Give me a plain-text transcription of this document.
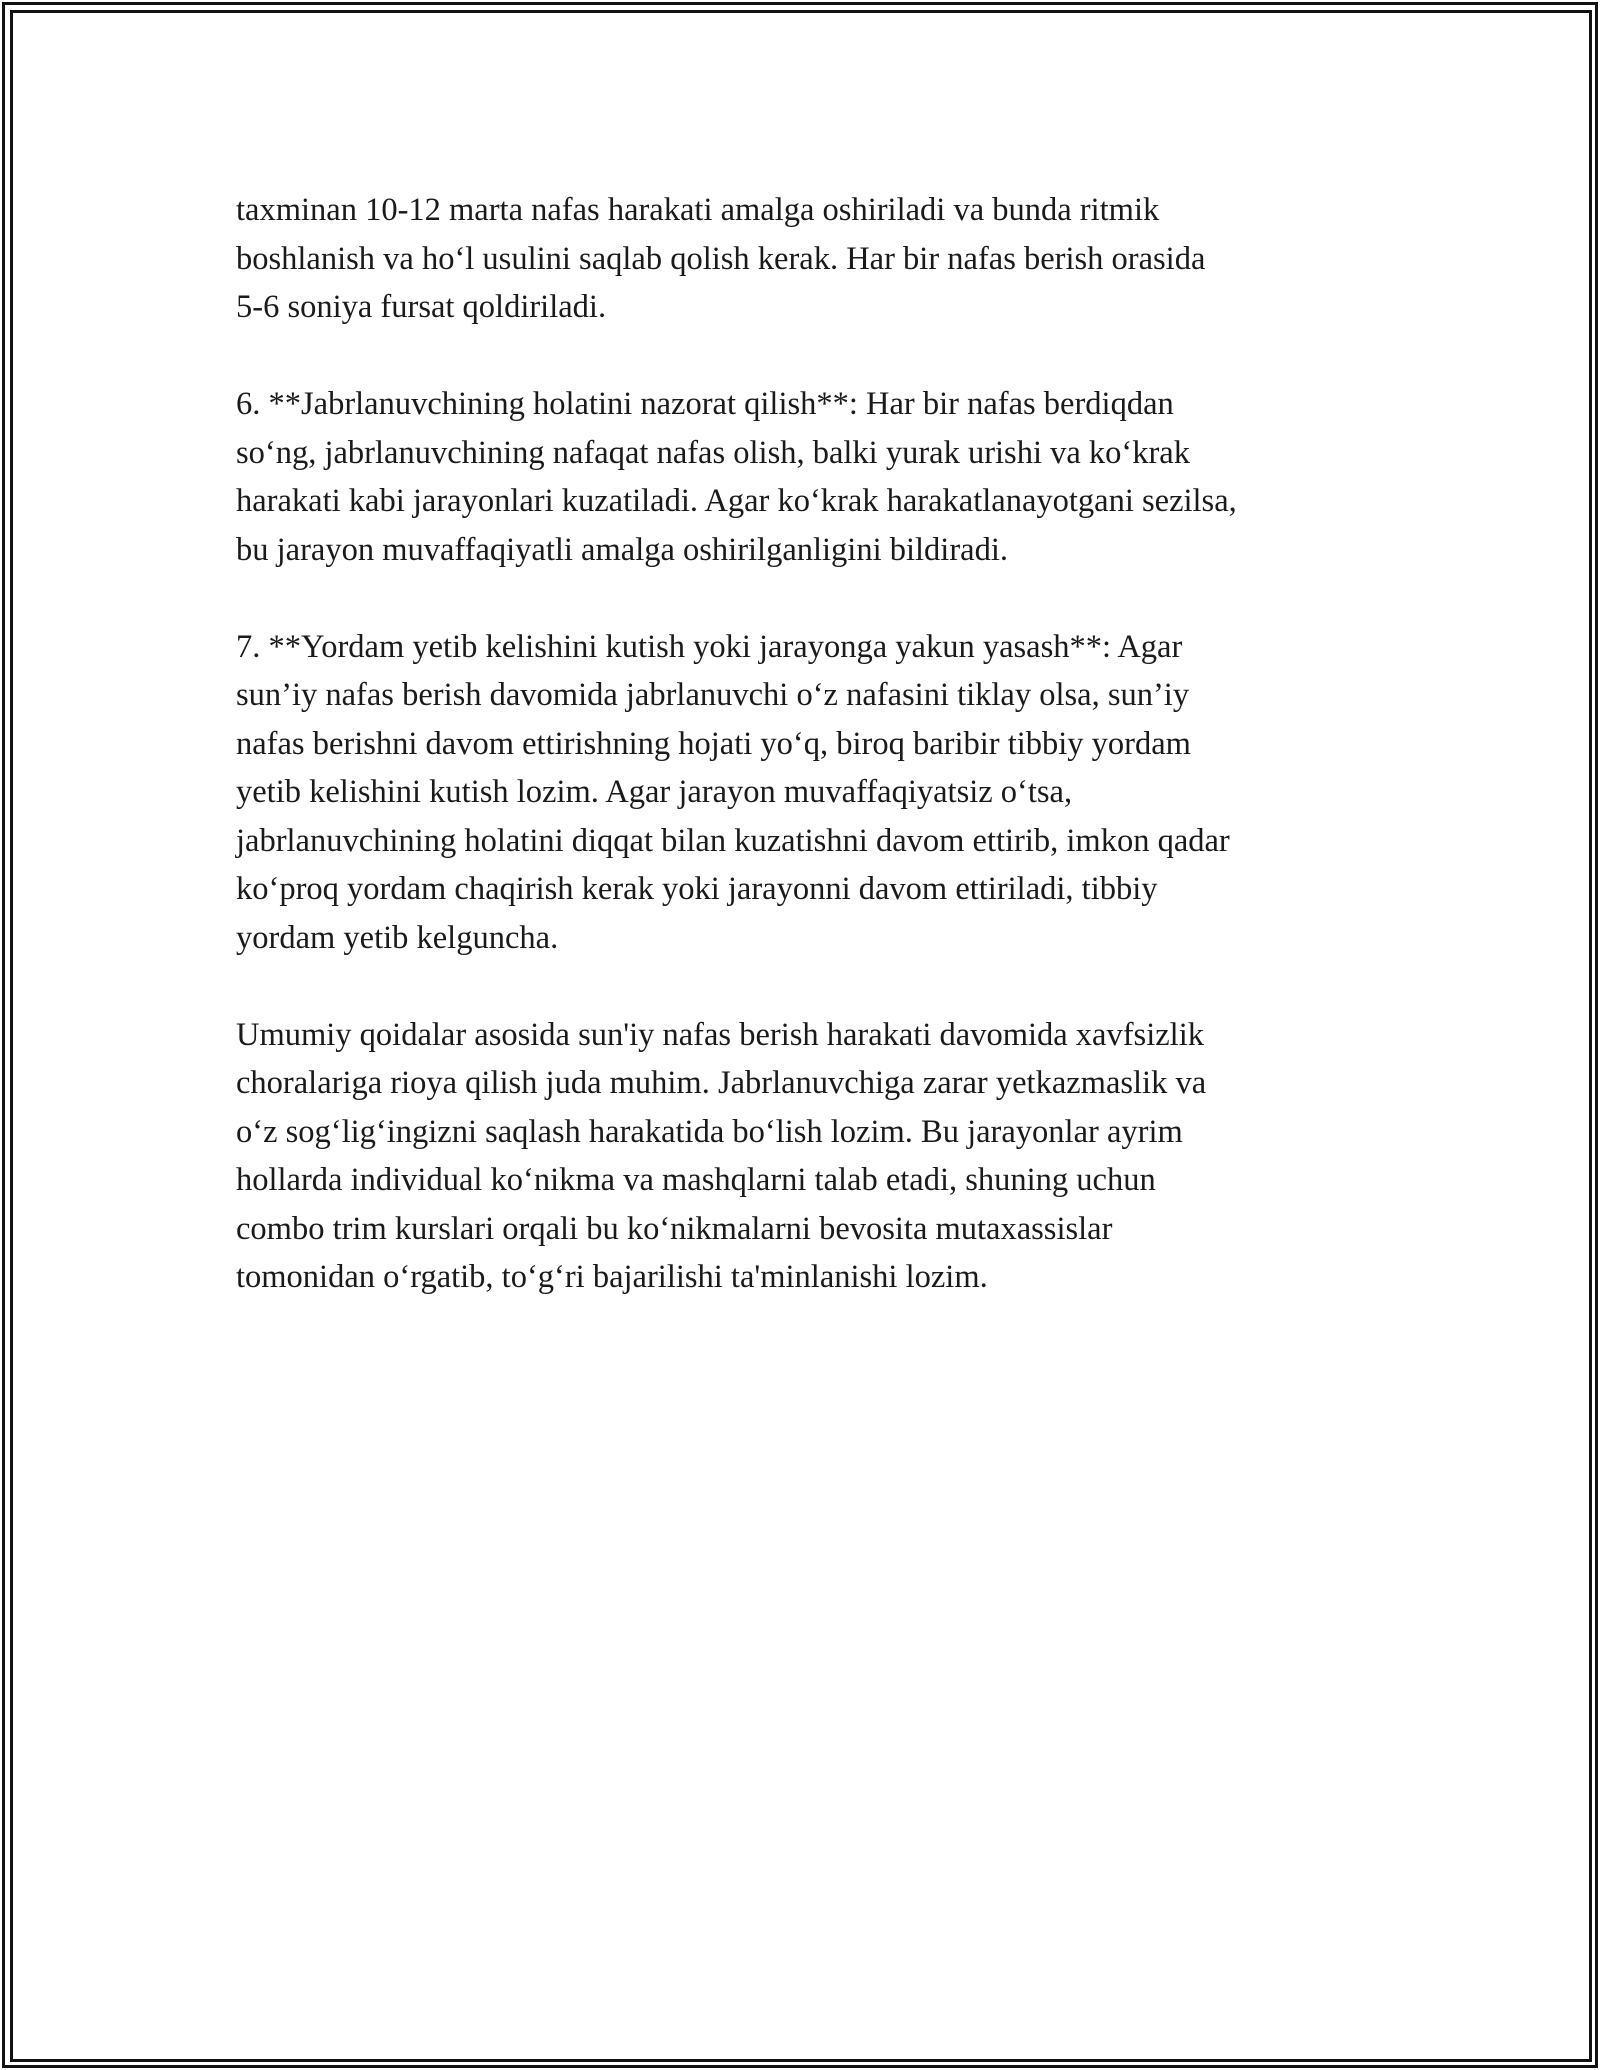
taxminan 10-12 marta nafas harakati amalga oshiriladi va bunda ritmik
boshlanish va ho‘l usulini saqlab qolish kerak. Har bir nafas berish orasida
5-6 soniya fursat qoldiriladi.

6. **Jabrlanuvchining holatini nazorat qilish**: Har bir nafas berdiqdan
so‘ng, jabrlanuvchining nafaqat nafas olish, balki yurak urishi va ko‘krak
harakati kabi jarayonlari kuzatiladi. Agar ko‘krak harakatlanayotgani sezilsa,
bu jarayon muvaffaqiyatli amalga oshirilganligini bildiradi.

7. **Yordam yetib kelishini kutish yoki jarayonga yakun yasash**: Agar
sun’iy nafas berish davomida jabrlanuvchi o‘z nafasini tiklay olsa, sun’iy
nafas berishni davom ettirishning hojati yo‘q, biroq baribir tibbiy yordam
yetib kelishini kutish lozim. Agar jarayon muvaffaqiyatsiz o‘tsa,
jabrlanuvchining holatini diqqat bilan kuzatishni davom ettirib, imkon qadar
ko‘proq yordam chaqirish kerak yoki jarayonni davom ettiriladi, tibbiy
yordam yetib kelguncha.

Umumiy qoidalar asosida sun'iy nafas berish harakati davomida xavfsizlik
choralariga rioya qilish juda muhim. Jabrlanuvchiga zarar yetkazmaslik va
o‘z sog‘lig‘ingizni saqlash harakatida bo‘lish lozim. Bu jarayonlar ayrim
hollarda individual ko‘nikma va mashqlarni talab etadi, shuning uchun
combo trim kurslari orqali bu ko‘nikmalarni bevosita mutaxassislar
tomonidan o‘rgatib, to‘g‘ri bajarilishi ta'minlanishi lozim.
